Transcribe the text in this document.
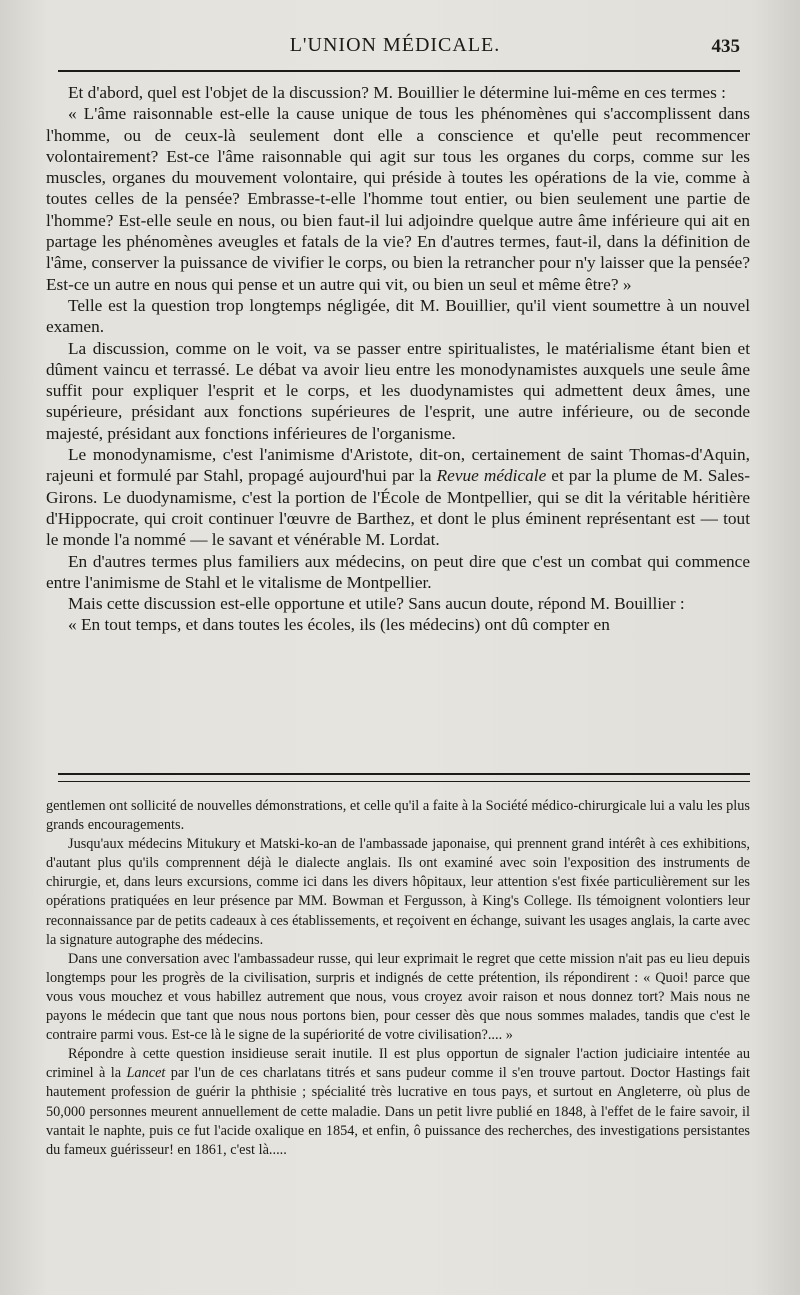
L'UNION MÉDICALE.	435

Et d'abord, quel est l'objet de la discussion? M. Bouillier le détermine lui-même en ces termes :

« L'âme raisonnable est-elle la cause unique de tous les phénomènes qui s'accomplissent dans l'homme, ou de ceux-là seulement dont elle a conscience et qu'elle peut recommencer volontairement? Est-ce l'âme raisonnable qui agit sur tous les organes du corps, comme sur les muscles, organes du mouvement volontaire, qui préside à toutes les opérations de la vie, comme à toutes celles de la pensée? Embrasse-t-elle l'homme tout entier, ou bien seulement une partie de l'homme? Est-elle seule en nous, ou bien faut-il lui adjoindre quelque autre âme inférieure qui ait en partage les phénomènes aveugles et fatals de la vie? En d'autres termes, faut-il, dans la définition de l'âme, conserver la puissance de vivifier le corps, ou bien la retrancher pour n'y laisser que la pensée? Est-ce un autre en nous qui pense et un autre qui vit, ou bien un seul et même être? »

Telle est la question trop longtemps négligée, dit M. Bouillier, qu'il vient soumettre à un nouvel examen.

La discussion, comme on le voit, va se passer entre spiritualistes, le matérialisme étant bien et dûment vaincu et terrassé. Le débat va avoir lieu entre les monodynamistes auxquels une seule âme suffit pour expliquer l'esprit et le corps, et les duodynamistes qui admettent deux âmes, une supérieure, présidant aux fonctions supérieures de l'esprit, une autre inférieure, ou de seconde majesté, présidant aux fonctions inférieures de l'organisme.

Le monodynamisme, c'est l'animisme d'Aristote, dit-on, certainement de saint Thomas-d'Aquin, rajeuni et formulé par Stahl, propagé aujourd'hui par la Revue médicale et par la plume de M. Sales-Girons. Le duodynamisme, c'est la portion de l'École de Montpellier, qui se dit la véritable héritière d'Hippocrate, qui croit continuer l'œuvre de Barthez, et dont le plus éminent représentant est — tout le monde l'a nommé — le savant et vénérable M. Lordat.

En d'autres termes plus familiers aux médecins, on peut dire que c'est un combat qui commence entre l'animisme de Stahl et le vitalisme de Montpellier.

Mais cette discussion est-elle opportune et utile? Sans aucun doute, répond M. Bouillier :

« En tout temps, et dans toutes les écoles, ils (les médecins) ont dû compter en

gentlemen ont sollicité de nouvelles démonstrations, et celle qu'il a faite à la Société médico-chirurgicale lui a valu les plus grands encouragements.

Jusqu'aux médecins Mitukury et Matski-ko-an de l'ambassade japonaise, qui prennent grand intérêt à ces exhibitions, d'autant plus qu'ils comprennent déjà le dialecte anglais. Ils ont examiné avec soin l'exposition des instruments de chirurgie, et, dans leurs excursions, comme ici dans les divers hôpitaux, leur attention s'est fixée particulièrement sur les opérations pratiquées en leur présence par MM. Bowman et Fergusson, à King's College. Ils témoignent volontiers leur reconnaissance par de petits cadeaux à ces établissements, et reçoivent en échange, suivant les usages anglais, la carte avec la signature autographe des médecins.

Dans une conversation avec l'ambassadeur russe, qui leur exprimait le regret que cette mission n'ait pas eu lieu depuis longtemps pour les progrès de la civilisation, surpris et indignés de cette prétention, ils répondirent : « Quoi! parce que vous vous mouchez et vous habillez autrement que nous, vous croyez avoir raison et nous donnez tort? Mais nous ne payons le médecin que tant que nous nous portons bien, pour cesser dès que nous sommes malades, tandis que c'est le contraire parmi vous. Est-ce là le signe de la supériorité de votre civilisation?.... »

Répondre à cette question insidieuse serait inutile. Il est plus opportun de signaler l'action judiciaire intentée au criminel à la Lancet par l'un de ces charlatans titrés et sans pudeur comme il s'en trouve partout. Doctor Hastings fait hautement profession de guérir la phthisie ; spécialité très lucrative en tous pays, et surtout en Angleterre, où plus de 50,000 personnes meurent annuellement de cette maladie. Dans un petit livre publié en 1848, à l'effet de le faire savoir, il vantait le naphte, puis ce fut l'acide oxalique en 1854, et enfin, ô puissance des recherches, des investigations persistantes du fameux guérisseur! en 1861, c'est là.....
